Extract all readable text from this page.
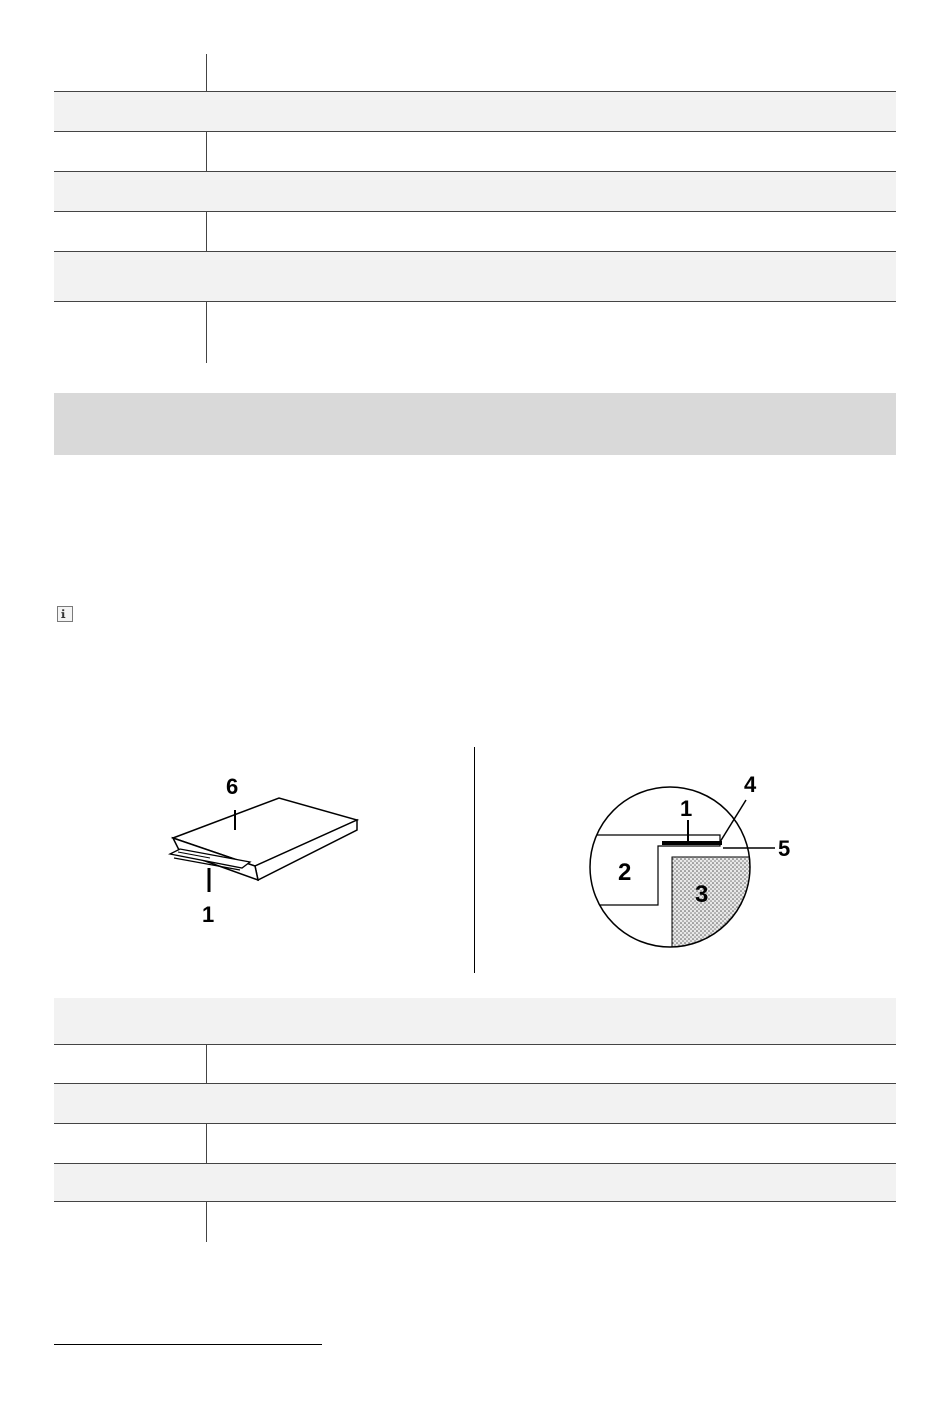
6
1
1
4
5
2
3
